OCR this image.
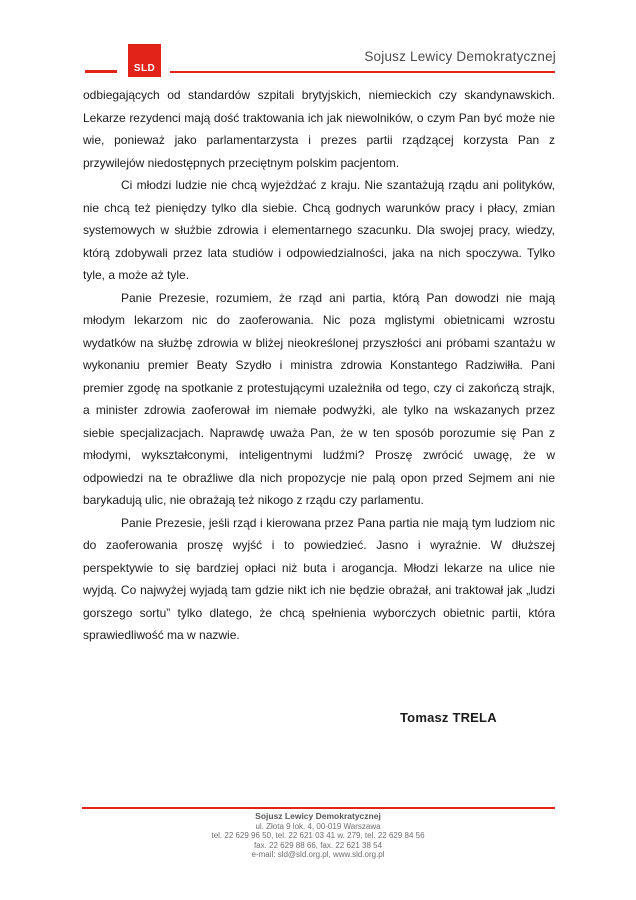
Sojusz Lewicy Demokratycznej
SLD

odbiegających od standardów szpitali brytyjskich, niemieckich czy skandynawskich. Lekarze rezydenci mają dość traktowania ich jak niewolników, o czym Pan być może nie wie, ponieważ jako parlamentarzysta i prezes partii rządzącej korzysta Pan z przywilejów niedostępnych przeciętnym polskim pacjentom.

Ci młodzi ludzie nie chcą wyjeżdżać z kraju. Nie szantażują rządu ani polityków, nie chcą też pieniędzy tylko dla siebie. Chcą godnych warunków pracy i płacy, zmian systemowych w służbie zdrowia i elementarnego szacunku. Dla swojej pracy, wiedzy, którą zdobywali przez lata studiów i odpowiedzialności, jaka na nich spoczywa. Tylko tyle, a może aż tyle.

Panie Prezesie, rozumiem, że rząd ani partia, którą Pan dowodzi nie mają młodym lekarzom nic do zaoferowania. Nic poza mglistymi obietnicami wzrostu wydatków na służbę zdrowia w bliżej nieokreślonej przyszłości ani próbami szantażu w wykonaniu premier Beaty Szydło i ministra zdrowia Konstantego Radziwiłła. Pani premier zgodę na spotkanie z protestującymi uzależniła od tego, czy ci zakończą strajk, a minister zdrowia zaoferował im niemałe podwyżki, ale tylko na wskazanych przez siebie specjalizacjach. Naprawdę uważa Pan, że w ten sposób porozumie się Pan z młodymi, wykształconymi, inteligentnymi ludźmi? Proszę zwrócić uwagę, że w odpowiedzi na te obraźliwe dla nich propozycje nie palą opon przed Sejmem ani nie barykadują ulic, nie obrażają też nikogo z rządu czy parlamentu.

Panie Prezesie, jeśli rząd i kierowana przez Pana partia nie mają tym ludziom nic do zaoferowania proszę wyjść i to powiedzieć. Jasno i wyraźnie. W dłuższej perspektywie to się bardziej opłaci niż buta i arogancja. Młodzi lekarze na ulice nie wyjdą. Co najwyżej wyjadą tam gdzie nikt ich nie będzie obrażał, ani traktował jak „ludzi gorszego sortu” tylko dlatego, że chcą spełnienia wyborczych obietnic partii, która sprawiedliwość ma w nazwie.

Tomasz TRELA
Sojusz Lewicy Demokratycznej
ul. Złota 9 lok. 4, 00-019 Warszawa
tel. 22 629 96 50, tel. 22 621 03 41 w. 279, tel. 22 629 84 56
fax. 22 629 88 66, fax. 22 621 38 54
e-mail: sld@sld.org.pl, www.sld.org.pl
